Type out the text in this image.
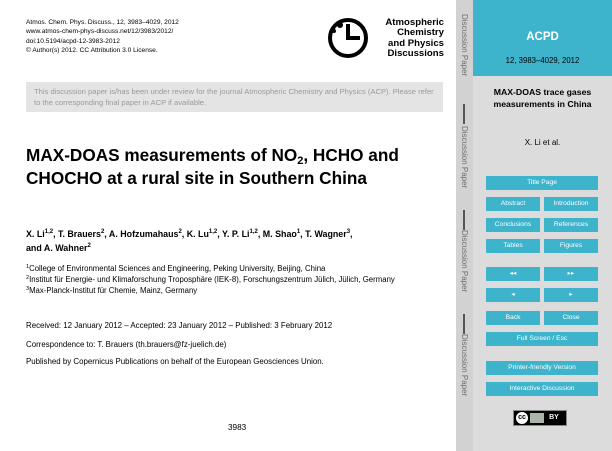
Atmos. Chem. Phys. Discuss., 12, 3983–4029, 2012
www.atmos-chem-phys-discuss.net/12/3983/2012/
doi:10.5194/acpd-12-3983-2012
© Author(s) 2012. CC Attribution 3.0 License.
Atmospheric
Chemistry
and Physics
Discussions
This discussion paper is/has been under review for the journal Atmospheric Chemistry and Physics (ACP). Please refer to the corresponding final paper in ACP if available.
MAX-DOAS measurements of $NO_2$, HCHO and CHOCHO at a rural site in Southern China
X. Li$^{1,2}$, T. Brauers$^2$, A. Hofzumahaus$^2$, K. Lu$^{1,2}$, Y. P. Li$^{1,2}$, M. Shao$^1$, T. Wagner$^3$,
and A. Wahner$^2$
$^1$College of Environmental Sciences and Engineering, Peking University, Beijing, China
$^2$Institut für Energie- und Klimaforschung Troposphäre (IEK-8), Forschungszentrum Jülich, Jülich, Germany
$^3$Max-Planck-Institut für Chemie, Mainz, Germany
Received: 12 January 2012 – Accepted: 23 January 2012 – Published: 3 February 2012
Correspondence to: T. Brauers (th.brauers@fz-juelich.de)
Published by Copernicus Publications on behalf of the European Geosciences Union.
3983
Discussion Paper
Discussion Paper
Discussion Paper
Discussion Paper
ACPD
12, 3983–4029, 2012
MAX-DOAS trace gases measurements in China
X. Li et al.
Title Page
Abstract	Introduction
Conclusions	References
Tables	Figures
◂◂	▸▸
◂	▸
Back	Close
Full Screen / Esc
Printer-friendly Version
Interactive Discussion
cc	BY
